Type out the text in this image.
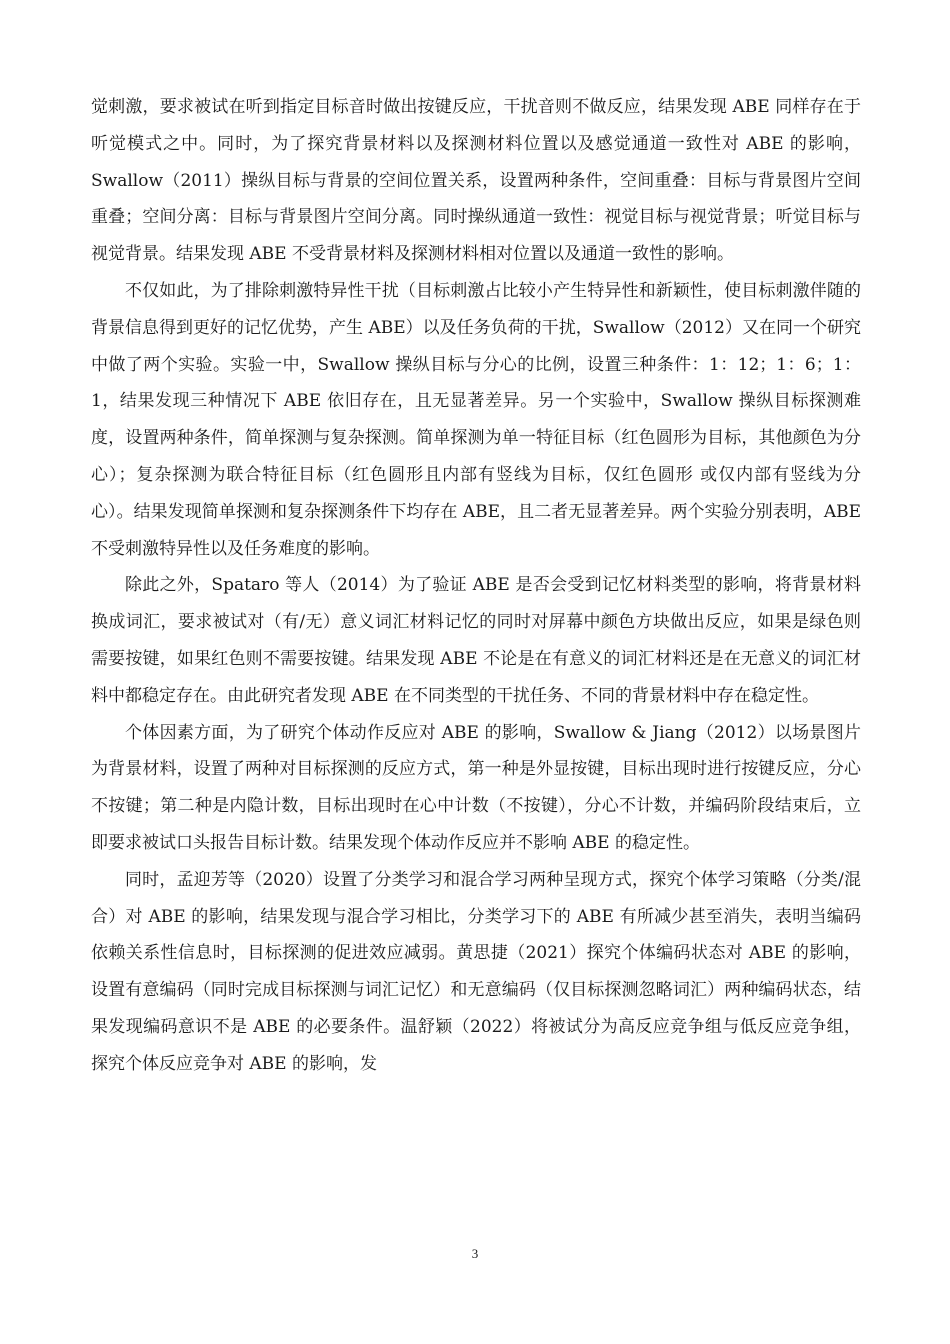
觉刺激，要求被试在听到指定目标音时做出按键反应，干扰音则不做反应，结果发现 ABE 同样存在于听觉模式之中。同时，为了探究背景材料以及探测材料位置以及感觉通道一致性对 ABE 的影响，Swallow（2011）操纵目标与背景的空间位置关系，设置两种条件，空间重叠：目标与背景图片空间重叠；空间分离：目标与背景图片空间分离。同时操纵通道一致性：视觉目标与视觉背景；听觉目标与视觉背景。结果发现 ABE 不受背景材料及探测材料相对位置以及通道一致性的影响。

不仅如此，为了排除刺激特异性干扰（目标刺激占比较小产生特异性和新颖性，使目标刺激伴随的背景信息得到更好的记忆优势，产生 ABE）以及任务负荷的干扰，Swallow（2012）又在同一个研究中做了两个实验。实验一中，Swallow 操纵目标与分心的比例，设置三种条件：1：12；1：6；1：1，结果发现三种情况下 ABE 依旧存在，且无显著差异。另一个实验中，Swallow 操纵目标探测难度，设置两种条件，简单探测与复杂探测。简单探测为单一特征目标（红色圆形为目标，其他颜色为分心）；复杂探测为联合特征目标（红色圆形且内部有竖线为目标，仅红色圆形 或仅内部有竖线为分心）。结果发现简单探测和复杂探测条件下均存在 ABE，且二者无显著差异。两个实验分别表明，ABE 不受刺激特异性以及任务难度的影响。

除此之外，Spataro 等人（2014）为了验证 ABE 是否会受到记忆材料类型的影响，将背景材料换成词汇，要求被试对（有/无）意义词汇材料记忆的同时对屏幕中颜色方块做出反应，如果是绿色则需要按键，如果红色则不需要按键。结果发现 ABE 不论是在有意义的词汇材料还是在无意义的词汇材料中都稳定存在。由此研究者发现 ABE 在不同类型的干扰任务、不同的背景材料中存在稳定性。

个体因素方面，为了研究个体动作反应对 ABE 的影响，Swallow & Jiang（2012）以场景图片为背景材料，设置了两种对目标探测的反应方式，第一种是外显按键，目标出现时进行按键反应，分心不按键；第二种是内隐计数，目标出现时在心中计数（不按键），分心不计数，并编码阶段结束后，立即要求被试口头报告目标计数。结果发现个体动作反应并不影响 ABE 的稳定性。

同时，孟迎芳等（2020）设置了分类学习和混合学习两种呈现方式，探究个体学习策略（分类/混合）对 ABE 的影响，结果发现与混合学习相比，分类学习下的 ABE 有所减少甚至消失，表明当编码依赖关系性信息时，目标探测的促进效应减弱。黄思捷（2021）探究个体编码状态对 ABE 的影响，设置有意编码（同时完成目标探测与词汇记忆）和无意编码（仅目标探测忽略词汇）两种编码状态，结果发现编码意识不是 ABE 的必要条件。温舒颖（2022）将被试分为高反应竞争组与低反应竞争组，探究个体反应竞争对 ABE 的影响，发

3
